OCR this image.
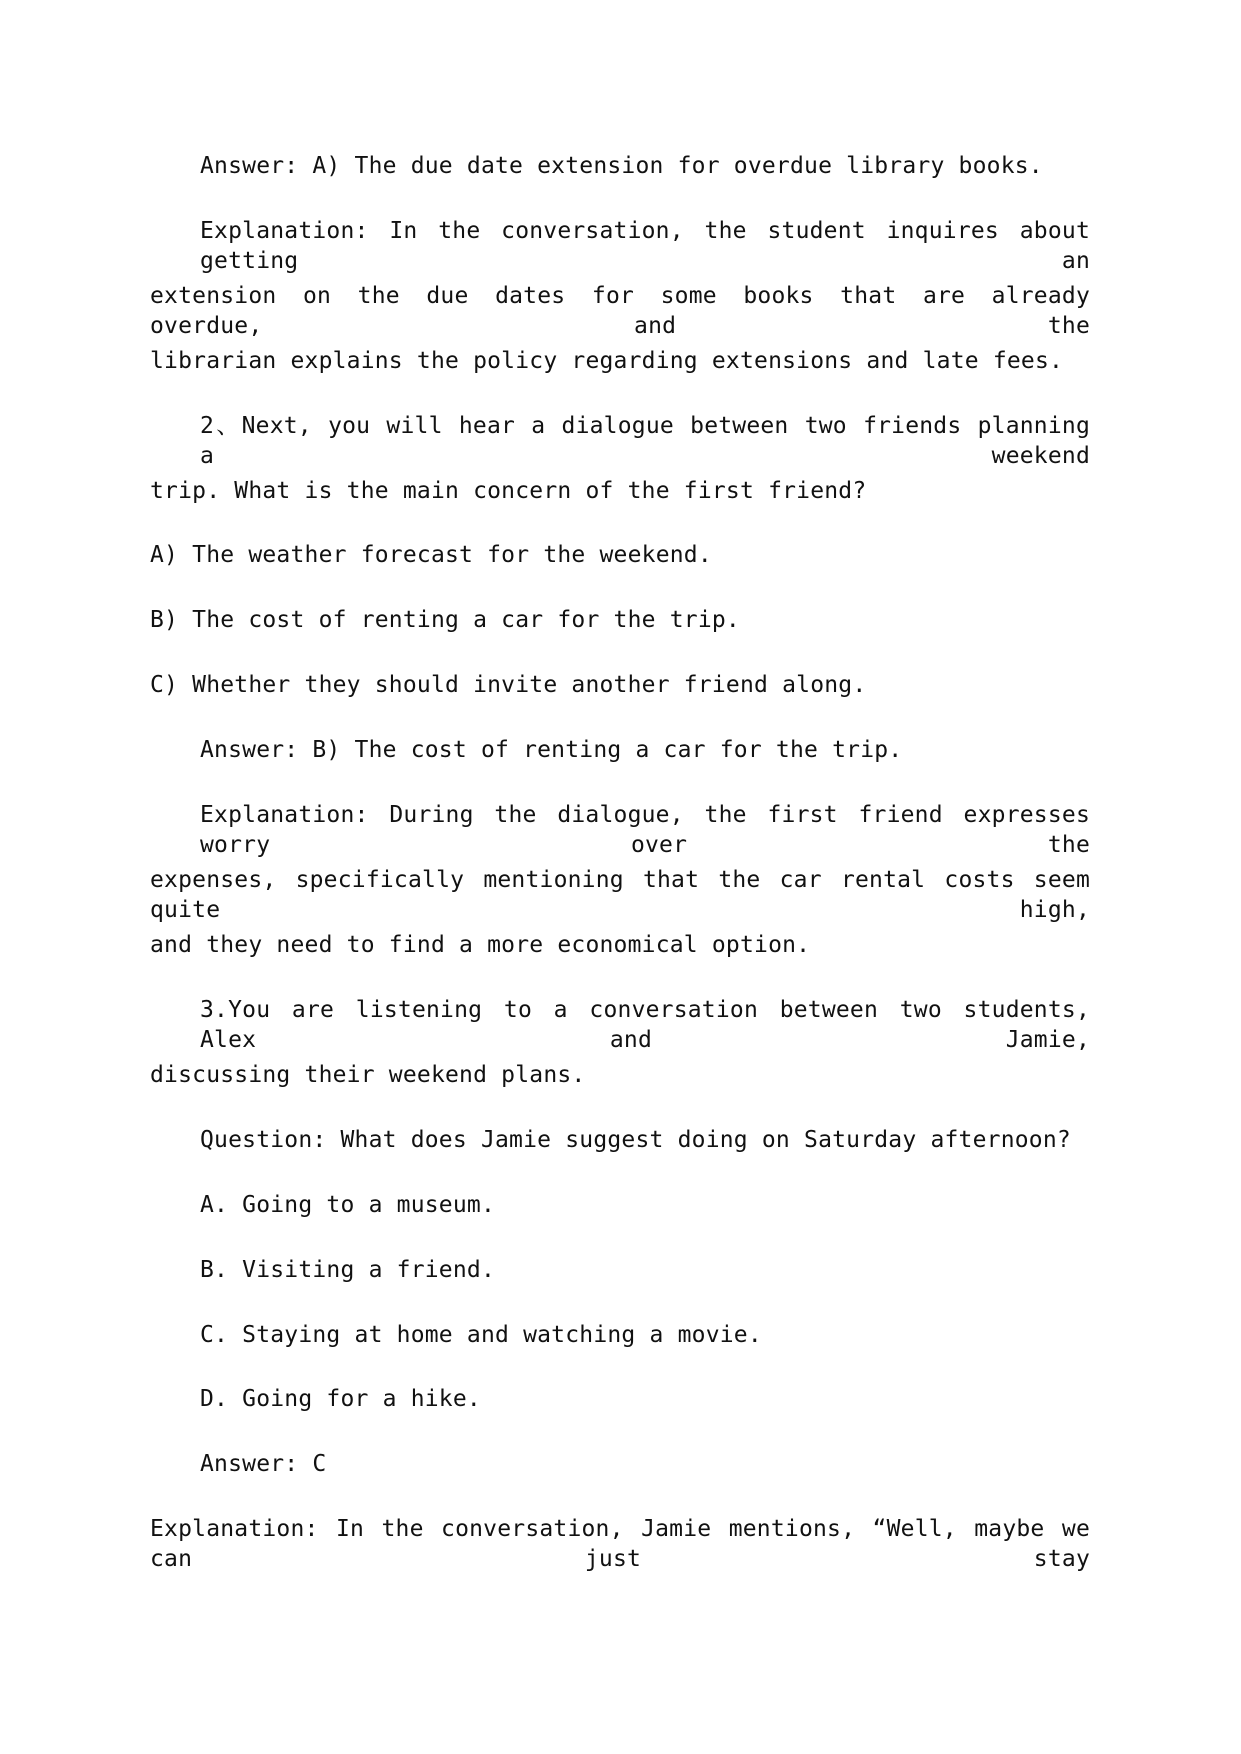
Answer: A) The due date extension for overdue library books.
Explanation: In the conversation, the student inquires about getting an
extension on the due dates for some books that are already overdue, and the
librarian explains the policy regarding extensions and late fees.
2、Next, you will hear a dialogue between two friends planning a weekend
trip. What is the main concern of the first friend?
A) The weather forecast for the weekend.
B) The cost of renting a car for the trip.
C) Whether they should invite another friend along.
Answer: B) The cost of renting a car for the trip.
Explanation: During the dialogue, the first friend expresses worry over the
expenses, specifically mentioning that the car rental costs seem quite high,
and they need to find a more economical option.
3.You are listening to a conversation between two students, Alex and Jamie,
discussing their weekend plans.
Question: What does Jamie suggest doing on Saturday afternoon?
A. Going to a museum.
B. Visiting a friend.
C. Staying at home and watching a movie.
D. Going for a hike.
Answer: C
Explanation: In the conversation, Jamie mentions, “Well, maybe we can just stay
